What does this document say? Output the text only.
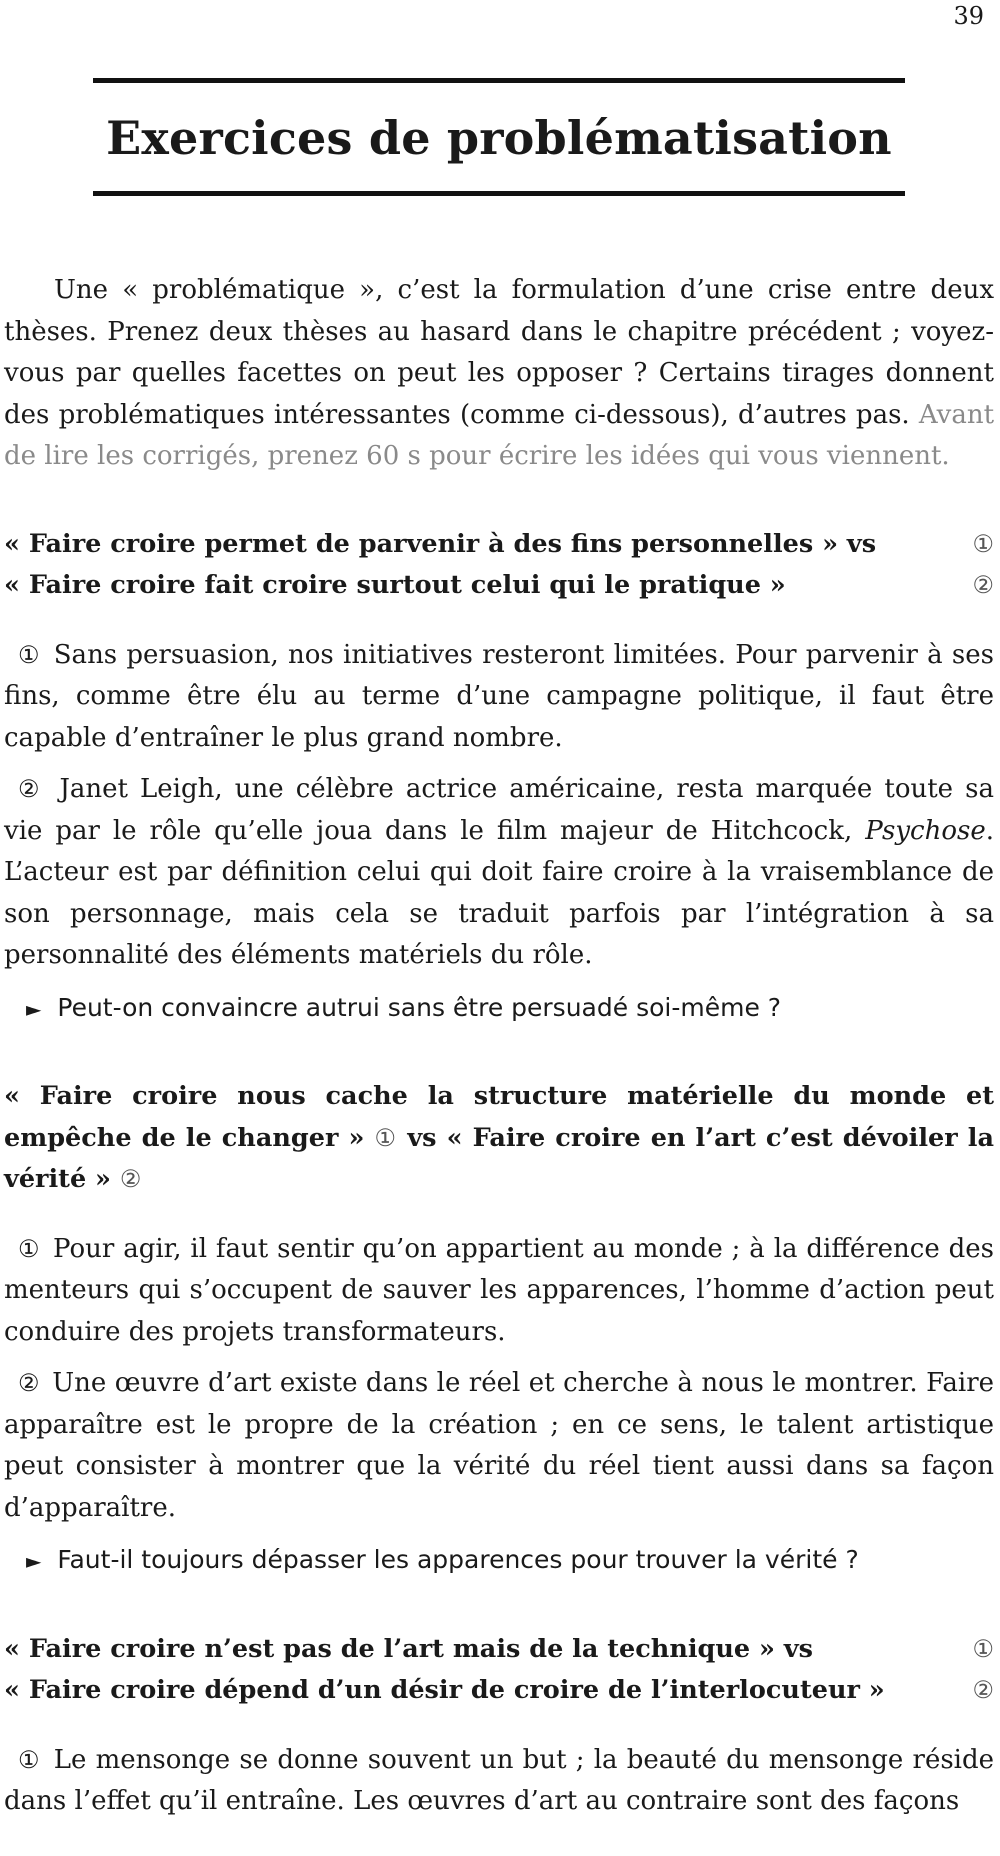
39
Exercices de problématisation

Une « problématique », c’est la formulation d’une crise entre deux thèses. Prenez deux thèses au hasard dans le chapitre précédent ; voyez-vous par quelles facettes on peut les opposer ? Certains tirages donnent des problématiques intéressantes (comme ci-dessous), d’autres pas. Avant de lire les corrigés, prenez 60 s pour écrire les idées qui vous viennent.

« Faire croire permet de parvenir à des fins personnelles » vs	①
« Faire croire fait croire surtout celui qui le pratique »	②

① Sans persuasion, nos initiatives resteront limitées. Pour parvenir à ses fins, comme être élu au terme d’une campagne politique, il faut être capable d’entraîner le plus grand nombre.

② Janet Leigh, une célèbre actrice américaine, resta marquée toute sa vie par le rôle qu’elle joua dans le film majeur de Hitchcock, Psychose. L’acteur est par définition celui qui doit faire croire à la vraisemblance de son personnage, mais cela se traduit parfois par l’intégration à sa personnalité des éléments matériels du rôle.

► Peut-on convaincre autrui sans être persuadé soi-même ?

« Faire croire nous cache la structure matérielle du monde et empêche de le changer » ① vs « Faire croire en l’art c’est dévoiler la vérité » ②

① Pour agir, il faut sentir qu’on appartient au monde ; à la différence des menteurs qui s’occupent de sauver les apparences, l’homme d’action peut conduire des projets transformateurs.

② Une œuvre d’art existe dans le réel et cherche à nous le montrer. Faire apparaître est le propre de la création ; en ce sens, le talent artistique peut consister à montrer que la vérité du réel tient aussi dans sa façon d’apparaître.

► Faut-il toujours dépasser les apparences pour trouver la vérité ?
« Faire croire n’est pas de l’art mais de la technique » vs	①
« Faire croire dépend d’un désir de croire de l’interlocuteur »	②

① Le mensonge se donne souvent un but ; la beauté du mensonge réside dans l’effet qu’il entraîne. Les œuvres d’art au contraire sont des façons
